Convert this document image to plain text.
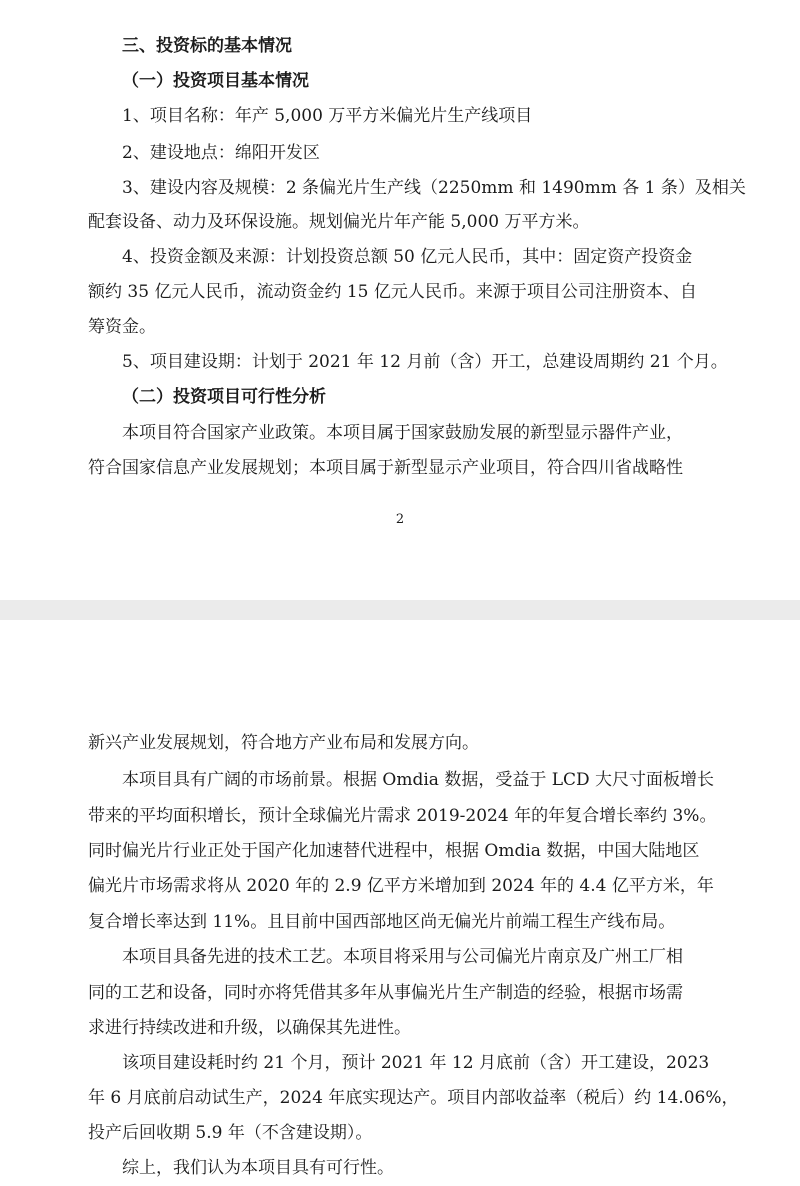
三、投资标的基本情况
（一）投资项目基本情况
1、项目名称：年产 5,000 万平方米偏光片生产线项目
2、建设地点：绵阳开发区
3、建设内容及规模：2 条偏光片生产线（2250mm 和 1490mm 各 1 条）及相关
配套设备、动力及环保设施。规划偏光片年产能 5,000 万平方米。
4、投资金额及来源：计划投资总额 50 亿元人民币，其中：固定资产投资金
额约 35 亿元人民币，流动资金约 15 亿元人民币。来源于项目公司注册资本、自
筹资金。
5、项目建设期：计划于 2021 年 12 月前（含）开工，总建设周期约 21 个月。
（二）投资项目可行性分析
本项目符合国家产业政策。本项目属于国家鼓励发展的新型显示器件产业，
符合国家信息产业发展规划；本项目属于新型显示产业项目，符合四川省战略性
2
新兴产业发展规划，符合地方产业布局和发展方向。
本项目具有广阔的市场前景。根据 Omdia 数据，受益于 LCD 大尺寸面板增长
带来的平均面积增长，预计全球偏光片需求 2019-2024 年的年复合增长率约 3%。
同时偏光片行业正处于国产化加速替代进程中，根据 Omdia 数据，中国大陆地区
偏光片市场需求将从 2020 年的 2.9 亿平方米增加到 2024 年的 4.4 亿平方米，年
复合增长率达到 11%。且目前中国西部地区尚无偏光片前端工程生产线布局。
本项目具备先进的技术工艺。本项目将采用与公司偏光片南京及广州工厂相
同的工艺和设备，同时亦将凭借其多年从事偏光片生产制造的经验，根据市场需
求进行持续改进和升级，以确保其先进性。
该项目建设耗时约 21 个月，预计 2021 年 12 月底前（含）开工建设，2023
年 6 月底前启动试生产，2024 年底实现达产。项目内部收益率（税后）约 14.06%，
投产后回收期 5.9 年（不含建设期）。
综上，我们认为本项目具有可行性。
